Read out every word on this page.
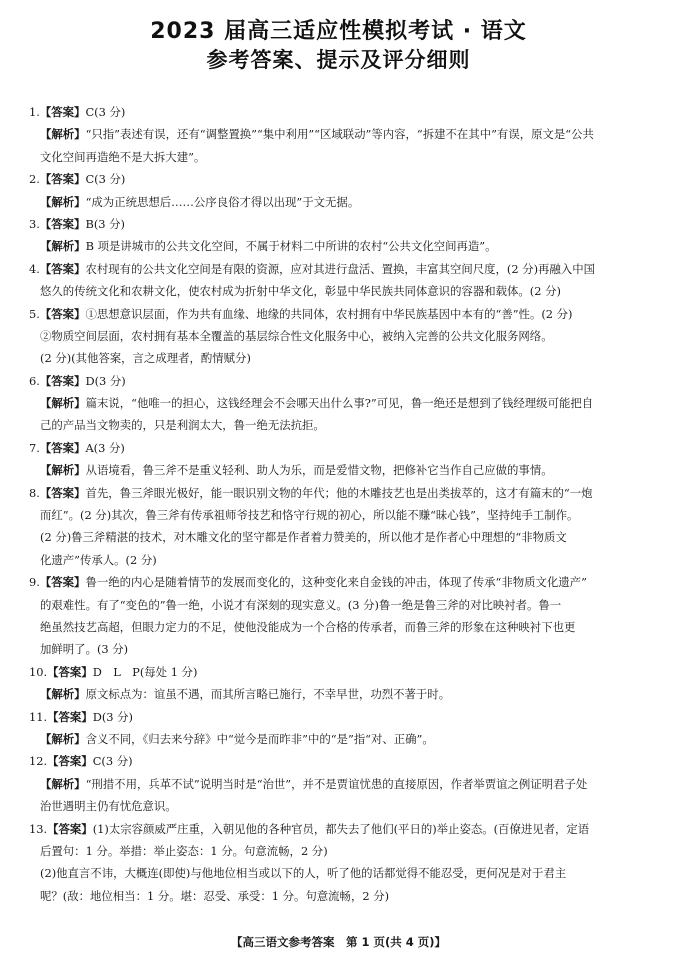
2023 届高三适应性模拟考试 · 语文
参考答案、提示及评分细则
1.【答案】C(3 分)
【解析】“只指”表述有误，还有“调整置换”“集中利用”“区域联动”等内容，“拆建不在其中”有误，原文是“公共
文化空间再造绝不是大拆大建”。
2.【答案】C(3 分)
【解析】“成为正统思想后……公序良俗才得以出现”于文无据。
3.【答案】B(3 分)
【解析】B 项是讲城市的公共文化空间，不属于材料二中所讲的农村“公共文化空间再造”。
4.【答案】农村现有的公共文化空间是有限的资源，应对其进行盘活、置换，丰富其空间尺度，(2 分)再融入中国
悠久的传统文化和农耕文化，使农村成为折射中华文化，彰显中华民族共同体意识的容器和载体。(2 分)
5.【答案】①思想意识层面，作为共有血缘、地缘的共同体，农村拥有中华民族基因中本有的“善”性。(2 分)
②物质空间层面，农村拥有基本全覆盖的基层综合性文化服务中心，被纳入完善的公共文化服务网络。
(2 分)(其他答案，言之成理者，酌情赋分)
6.【答案】D(3 分)
【解析】篇末说，“他唯一的担心，这钱经理会不会哪天出什么事?”可见，鲁一绝还是想到了钱经理级可能把自
己的产品当文物卖的，只是利润太大，鲁一绝无法抗拒。
7.【答案】A(3 分)
【解析】从语境看，鲁三斧不是重义轻利、助人为乐，而是爱惜文物，把修补它当作自己应做的事情。
8.【答案】首先，鲁三斧眼光极好，能一眼识别文物的年代；他的木雕技艺也是出类拔萃的，这才有篇末的“一炮
而红”。(2 分)其次，鲁三斧有传承祖师爷技艺和恪守行规的初心，所以能不赚“昧心钱”，坚持纯手工制作。
(2 分)鲁三斧精湛的技术，对木雕文化的坚守都是作者着力赞美的，所以他才是作者心中理想的“非物质文
化遗产”传承人。(2 分)
9.【答案】鲁一绝的内心是随着情节的发展而变化的，这种变化来自金钱的冲击，体现了传承“非物质文化遗产”
的艰难性。有了“变色的”鲁一绝，小说才有深刻的现实意义。(3 分)鲁一绝是鲁三斧的对比映衬者。鲁一
绝虽然技艺高超，但眼力定力的不足，使他没能成为一个合格的传承者，而鲁三斧的形象在这种映衬下也更
加鲜明了。(3 分)
10.【答案】D　L　P(每处 1 分)
【解析】原文标点为：谊虽不遇，而其所言略已施行，不幸早世，功烈不著于时。
11.【答案】D(3 分)
【解析】含义不同，《归去来兮辞》中“觉今是而昨非”中的“是”指“对、正确”。
12.【答案】C(3 分)
【解析】“刑措不用，兵革不试”说明当时是“治世”，并不是贾谊忧患的直接原因，作者举贾谊之例证明君子处
治世遇明主仍有忧危意识。
13.【答案】(1)太宗容颜威严庄重，入朝见他的各种官员，都失去了他们(平日的)举止姿态。(百僚进见者，定语
后置句：1 分。举措：举止姿态：1 分。句意流畅，2 分)
(2)他直言不讳，大概连(即使)与他地位相当或以下的人，听了他的话都觉得不能忍受，更何况是对于君主
呢？(敌：地位相当：1 分。堪：忍受、承受：1 分。句意流畅，2 分)
【高三语文参考答案　第 1 页(共 4 页)】
